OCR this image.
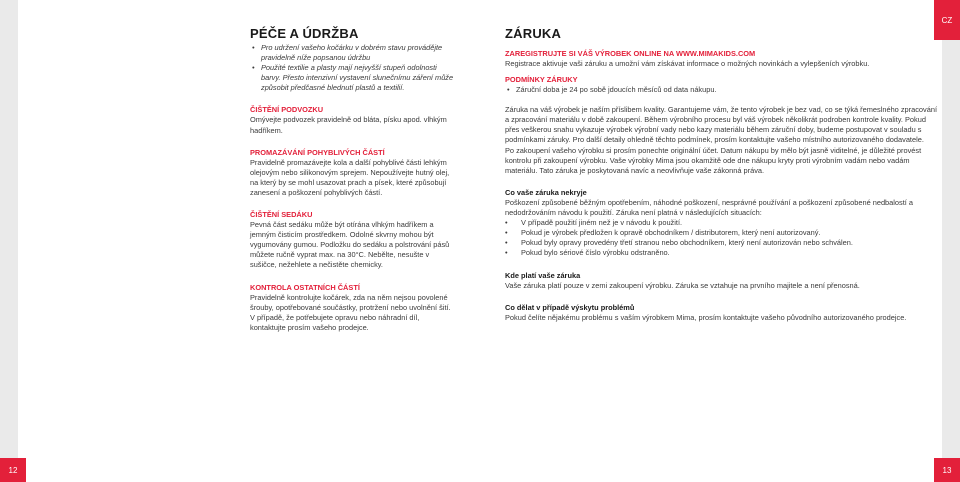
12
PÉČE A ÚDRŽBA
• Pro udržení vašeho kočárku v dobrém stavu provádějte pravidelně níže popsanou údržbu
• Použité textilie a plasty mají nejvyšší stupeň odolnosti barvy. Přesto intenzivní vystavení slunečnímu záření může způsobit předčasné blednutí plastů a textilií.
ČIŠTĚNÍ PODVOZKU
Omývejte podvozek pravidelně od bláta, písku apod. vlhkým hadříkem.
PROMAZÁVÁNÍ POHYBLIVÝCH ČÁSTÍ
Pravidelně promazávejte kola a další pohyblivé části lehkým olejovým nebo silikonovým sprejem. Nepoužívejte hutný olej, na který by se mohl usazovat prach a písek, které způsobují zanesení a poškození pohyblivých částí.
ČIŠTĚNÍ SEDÁKU
Pevná část sedáku může být otírána vlhkým hadříkem a jemným čisticím prostředkem. Odolné skvrny mohou být vygumovány gumou. Podložku do sedáku a polstrování pásů můžete ručně vyprat max. na 30°C. Nebělte, nesušte v sušičce, nežehlete a nečistěte chemicky.
KONTROLA OSTATNÍCH ČÁSTÍ
Pravidelně kontrolujte kočárek, zda na něm nejsou povolené šrouby, opotřebované součástky, protržení nebo uvolnění šití. V případě, že potřebujete opravu nebo náhradní díl, kontaktujte prosím vašeho prodejce.
CZ
13
ZÁRUKA
ZAREGISTRUJTE SI VÁŠ VÝROBEK ONLINE NA WWW.MIMAKIDS.COM
Registrace aktivuje vaši záruku a umožní vám získávat informace o možných novinkách a vylepšeních výrobku.
PODMÍNKY ZÁRUKY
• Záruční doba je 24 po sobě jdoucích měsíců od data nákupu.
Záruka na váš výrobek je naším příslibem kvality. Garantujeme vám, že tento výrobek je bez vad, co se týká řemeslného zpracování a zpracování materiálu v době zakoupení. Během výrobního procesu byl váš výrobek několikrát podroben kontrole kvality. Pokud přes veškerou snahu vykazuje výrobek výrobní vady nebo kazy materiálu během záruční doby, budeme postupovat v souladu s podmínkami záruky. Pro další detaily ohledně těchto podmínek, prosím kontaktujte vašeho místního autorizovaného dodavatele.
Po zakoupení vašeho výrobku si prosím ponechte originální účet. Datum nákupu by mělo být jasně viditelné, je důležité provést kontrolu při zakoupení výrobku. Vaše výrobky Mima jsou okamžitě ode dne nákupu kryty proti výrobním vadám nebo vadám materiálu. Tato záruka je poskytovaná navíc a neovlivňuje vaše zákonná práva.
Co vaše záruka nekryje
Poškození způsobené běžným opotřebením, náhodné poškození, nesprávné používání a poškození způsobené nedbalostí a nedodržováním návodu k použití. Záruka není platná v následujících situacích:
• V případě použití jiném než je v návodu k použití.
• Pokud je výrobek předložen k opravě obchodníkem / distributorem, který není autorizovaný.
• Pokud byly opravy provedény třetí stranou nebo obchodníkem, který není autorizován nebo schválen.
• Pokud bylo sériové číslo výrobku odstraněno.
Kde platí vaše záruka
Vaše záruka platí pouze v zemi zakoupení výrobku. Záruka se vztahuje na prvního majitele a není přenosná.
Co dělat v případě výskytu problémů
Pokud čelíte nějakému problému s vaším výrobkem Mima, prosím kontaktujte vašeho původního autorizovaného prodejce.
